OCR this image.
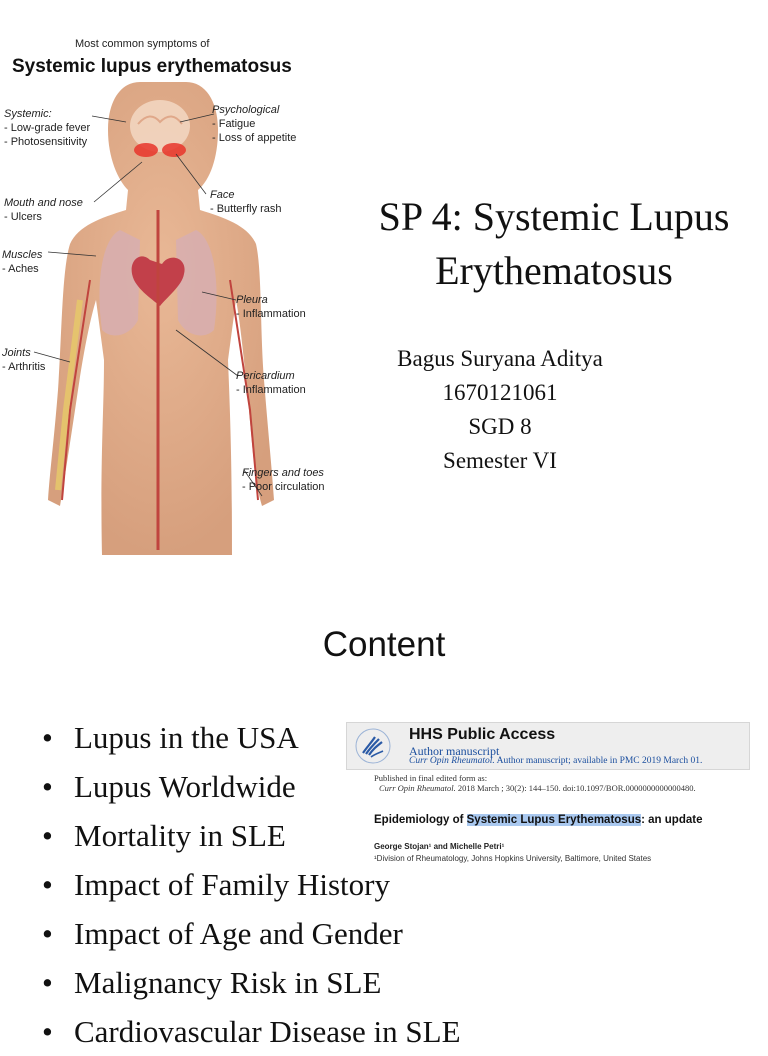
Most common symptoms of
Systemic lupus erythematosus
Systemic:
- Low-grade fever
- Photosensitivity
Psychological
- Fatigue
- Loss of appetite
Mouth and nose
- Ulcers
Face
- Butterfly rash
Muscles
- Aches
Pleura
- Inflammation
Joints
- Arthritis
Pericardium
- Inflammation
Fingers and toes
- Poor circulation
SP 4: Systemic Lupus
Erythematosus
Bagus Suryana Aditya
1670121061
SGD 8
Semester VI
Content
• Lupus in the USA
• Lupus Worldwide
• Mortality in SLE
• Impact of Family History
• Impact of Age and Gender
• Malignancy Risk in SLE
• Cardiovascular Disease in SLE
HHS Public Access
Author manuscript
Curr Opin Rheumatol. Author manuscript; available in PMC 2019 March 01.
Published in final edited form as:
Curr Opin Rheumatol. 2018 March ; 30(2): 144–150. doi:10.1097/BOR.0000000000000480.
Epidemiology of Systemic Lupus Erythematosus: an update
George Stojan¹ and Michelle Petri¹
¹Division of Rheumatology, Johns Hopkins University, Baltimore, United States
